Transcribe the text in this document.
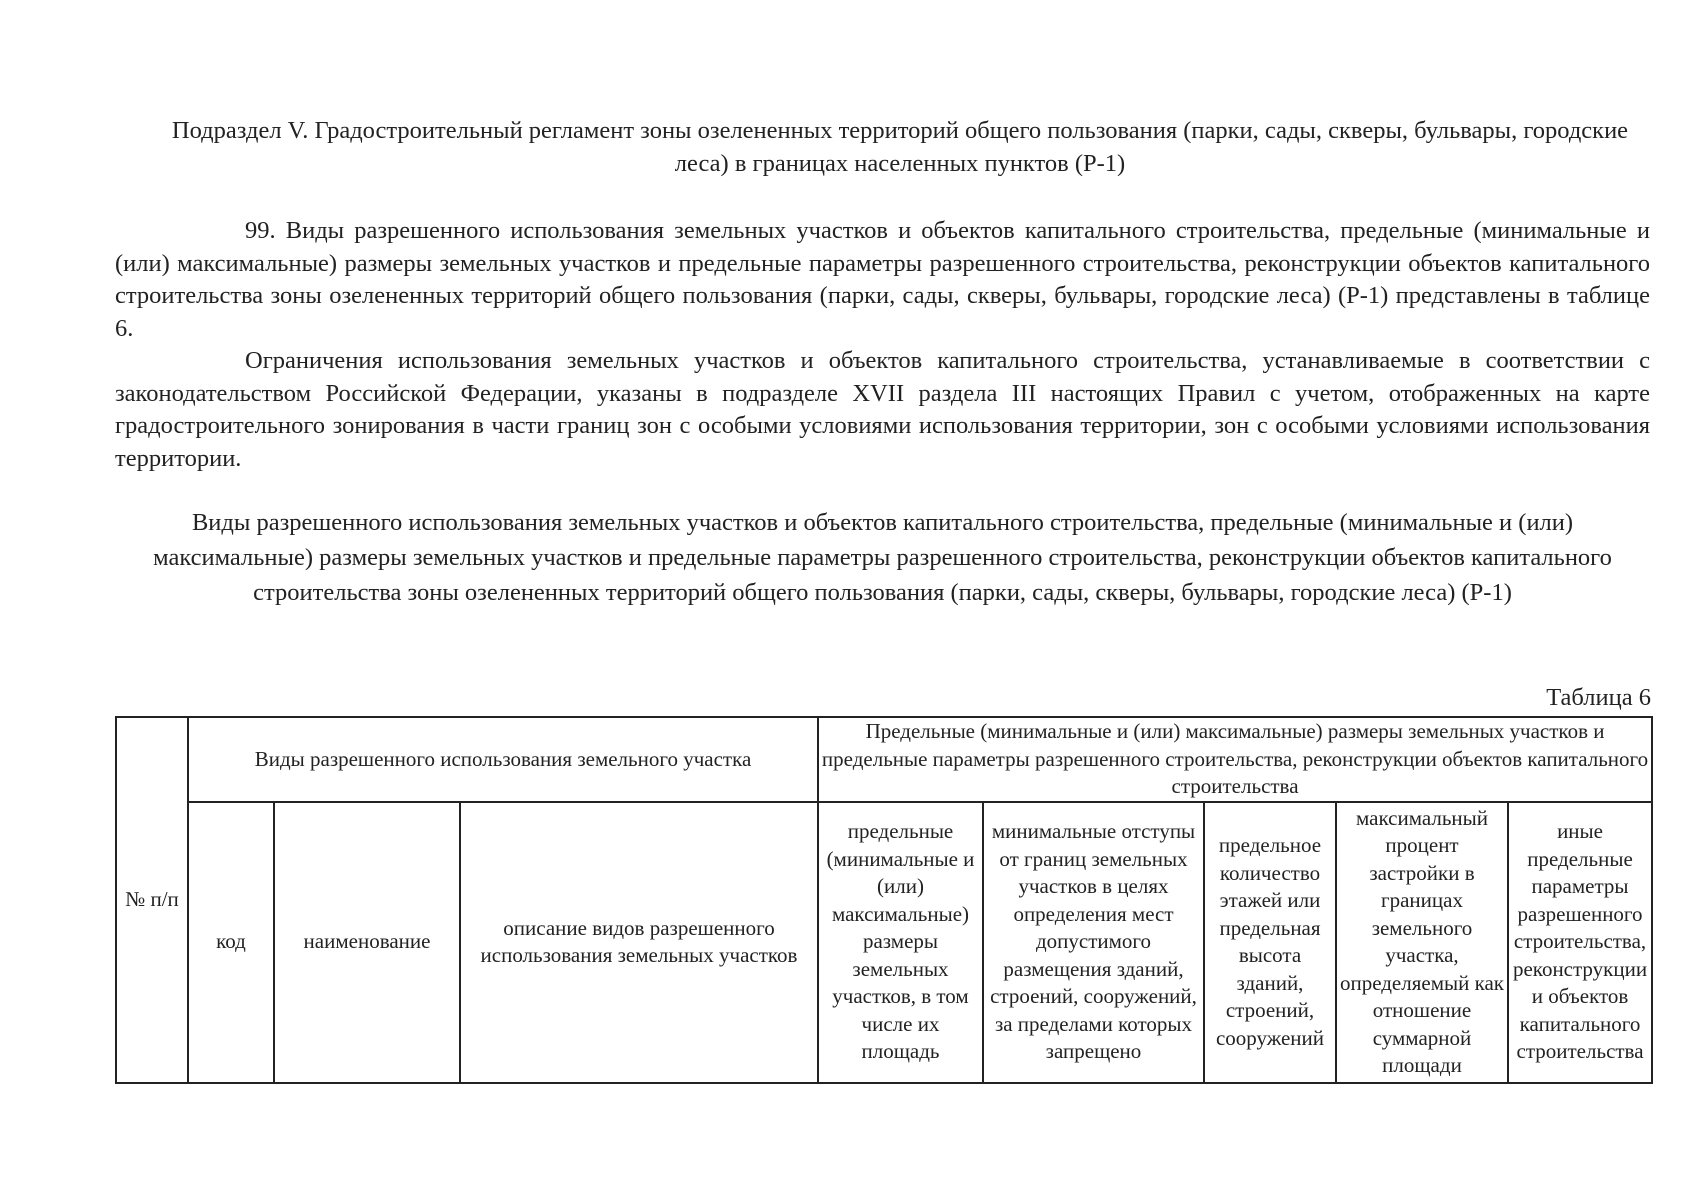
Подраздел V. Градостроительный регламент зоны озелененных территорий общего пользования (парки, сады, скверы, бульвары, городские леса) в границах населенных пунктов (Р-1)

99. Виды разрешенного использования земельных участков и объектов капитального строительства, предельные (минимальные и (или) максимальные) размеры земельных участков и предельные параметры разрешенного строительства, реконструкции объектов капитального строительства зоны озелененных территорий общего пользования (парки, сады, скверы, бульвары, городские леса) (Р-1) представлены в таблице 6.

Ограничения использования земельных участков и объектов капитального строительства, устанавливаемые в соответствии с законодательством Российской Федерации, указаны в подразделе XVII раздела III настоящих Правил с учетом, отображенных на карте градостроительного зонирования в части границ зон с особыми условиями использования территории, зон с особыми условиями использования территории.

Виды разрешенного использования земельных участков и объектов капитального строительства, предельные (минимальные и (или) максимальные) размеры земельных участков и предельные параметры разрешенного строительства, реконструкции объектов капитального строительства зоны озелененных территорий общего пользования (парки, сады, скверы, бульвары, городские леса) (Р-1)
Таблица 6
№ п/п	Виды разрешенного использования земельного участка			Предельные (минимальные и (или) максимальные) размеры земельных участков и предельные параметры разрешенного строительства, реконструкции объектов капитального строительства				
	код	наименование	описание видов разрешенного использования земельных участков	предельные (минимальные и (или) максимальные) размеры земельных участков, в том числе их площадь	минимальные отступы от границ земельных участков в целях определения мест допустимого размещения зданий, строений, сооружений, за пределами которых запрещено	предельное количество этажей или предельная высота зданий, строений, сооружений	максимальный процент застройки в границах земельного участка, определяемый как отношение суммарной площади	иные предельные параметры разрешенного строительства, реконструкции и объектов капитального строительства
